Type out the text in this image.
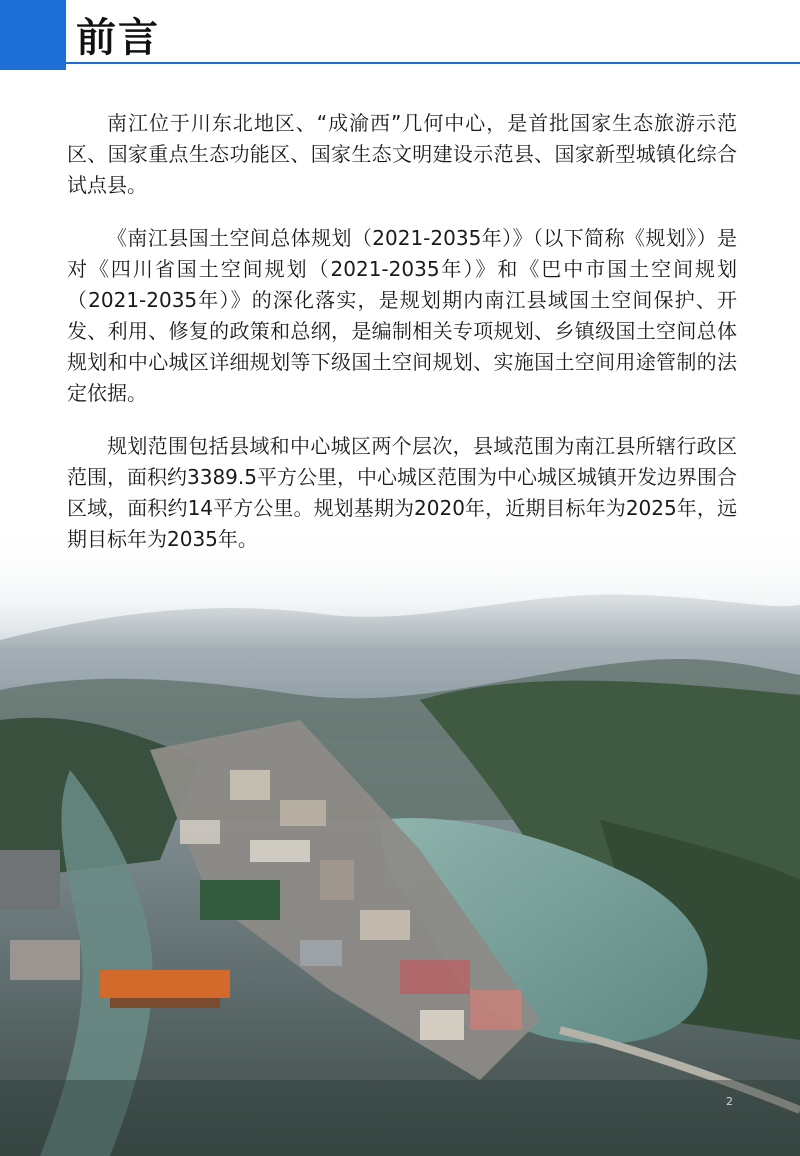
前言

南江位于川东北地区、“成渝西”几何中心，是首批国家生态旅游示范区、国家重点生态功能区、国家生态文明建设示范县、国家新型城镇化综合试点县。

《南江县国土空间总体规划（2021-2035年）》（以下简称《规划》）是对《四川省国土空间规划（2021-2035年）》和《巴中市国土空间规划（2021-2035年）》的深化落实，是规划期内南江县域国土空间保护、开发、利用、修复的政策和总纲，是编制相关专项规划、乡镇级国土空间总体规划和中心城区详细规划等下级国土空间规划、实施国土空间用途管制的法定依据。

规划范围包括县域和中心城区两个层次，县域范围为南江县所辖行政区范围，面积约3389.5平方公里，中心城区范围为中心城区城镇开发边界围合区域，面积约14平方公里。规划基期为2020年，近期目标年为2025年，远期目标年为2035年。

2
